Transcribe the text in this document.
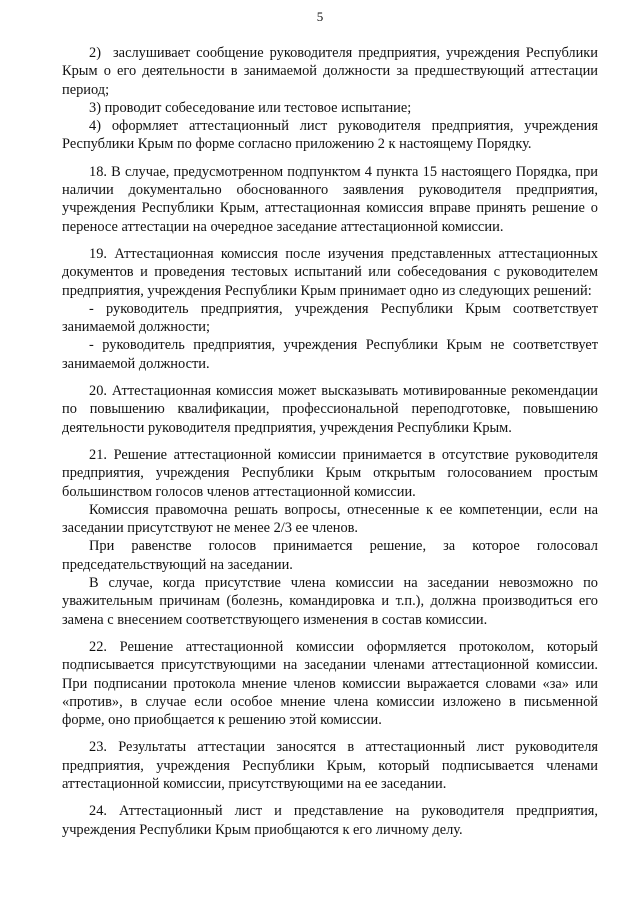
5

2)  заслушивает сообщение руководителя предприятия, учреждения Республики Крым о его деятельности в занимаемой должности за предшествующий аттестации период;

3) проводит собеседование или тестовое испытание;

4) оформляет аттестационный лист руководителя предприятия, учреждения Республики Крым по форме согласно приложению 2 к настоящему Порядку.

18. В случае, предусмотренном подпунктом 4 пункта 15 настоящего Порядка, при наличии документально обоснованного заявления руководителя предприятия, учреждения Республики Крым, аттестационная комиссия вправе принять решение о переносе аттестации на очередное заседание аттестационной комиссии.

19. Аттестационная комиссия после изучения представленных аттестационных документов и проведения тестовых испытаний или собеседования с руководителем предприятия, учреждения Республики Крым принимает одно из следующих решений:

- руководитель предприятия, учреждения Республики Крым соответствует занимаемой должности;

- руководитель предприятия, учреждения Республики Крым не соответствует занимаемой должности.

20. Аттестационная комиссия может высказывать мотивированные рекомендации по повышению квалификации, профессиональной переподготовке, повышению деятельности руководителя предприятия, учреждения Республики Крым.

21. Решение аттестационной комиссии принимается в отсутствие руководителя предприятия, учреждения Республики Крым открытым голосованием простым большинством голосов членов аттестационной комиссии.

Комиссия правомочна решать вопросы, отнесенные к ее компетенции, если на заседании присутствуют не менее 2/3 ее членов.

При равенстве голосов принимается решение, за которое голосовал председательствующий на заседании.

В случае, когда присутствие члена комиссии на заседании невозможно по уважительным причинам (болезнь, командировка и т.п.), должна производиться его замена с внесением соответствующего изменения в состав комиссии.

22. Решение аттестационной комиссии оформляется протоколом, который подписывается присутствующими на заседании членами аттестационной комиссии. При подписании протокола мнение членов комиссии выражается словами «за» или «против», в случае если особое мнение члена комиссии изложено в письменной форме, оно приобщается к решению этой комиссии.

23. Результаты аттестации заносятся в аттестационный лист руководителя предприятия, учреждения Республики Крым, который подписывается членами аттестационной комиссии, присутствующими на ее заседании.

24. Аттестационный лист и представление на руководителя предприятия, учреждения Республики Крым приобщаются к его личному делу.
